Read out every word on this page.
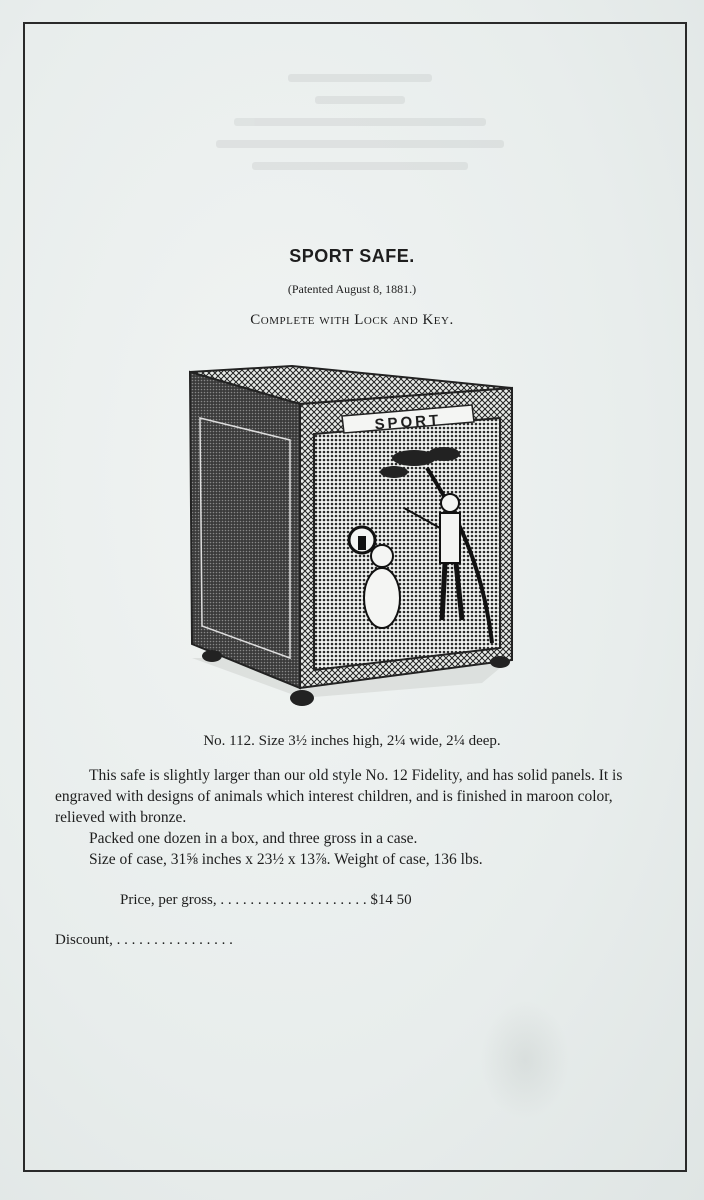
SPORT SAFE.
(Patented August 8, 1881.)
Complete with Lock and Key.
SPORT
No. 112. Size 3½ inches high, 2¼ wide, 2¼ deep.

This safe is slightly larger than our old style No. 12 Fidelity, and has solid panels. It is engraved with designs of animals which interest children, and is finished in maroon color, relieved with bronze.

Packed one dozen in a box, and three gross in a case.

Size of case, 31⅝ inches x 23½ x 13⅞. Weight of case, 136 lbs.

Price, per gross, . . . . . . . . . . . . . . . . . . . . $14 50
Discount, . . . . . . . . . . . . . . . .
